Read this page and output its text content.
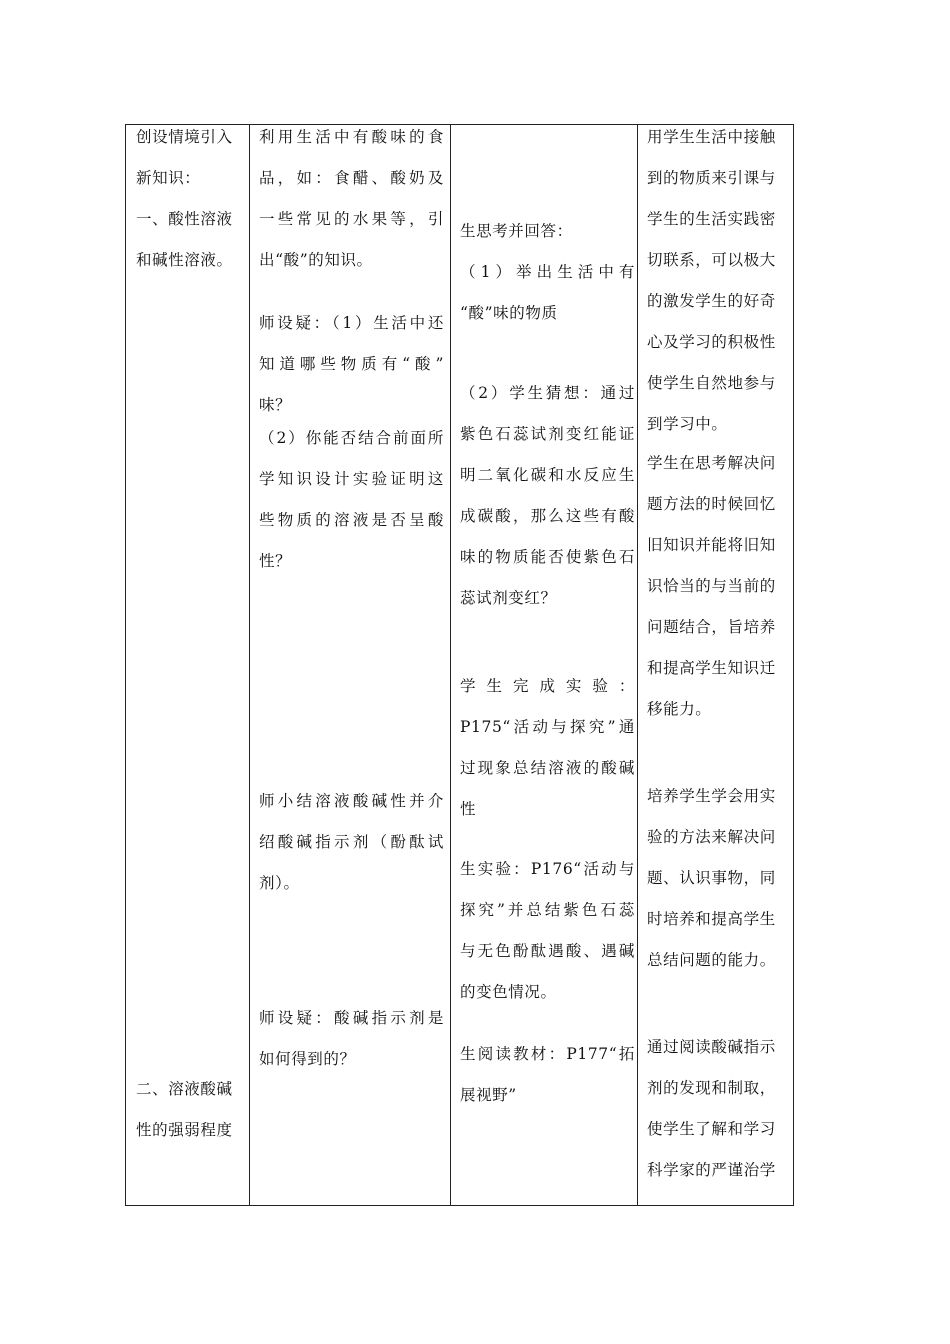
创设情境引入
新知识：
一、酸性溶液
和碱性溶液。
二、溶液酸碱
性的强弱程度
利用生活中有酸味的食
品，如：食醋、酸奶及
一些常见的水果等，引
出“酸”的知识。
师设疑：（1）生活中还
知道哪些物质有“酸”
味？
（2）你能否结合前面所
学知识设计实验证明这
些物质的溶液是否呈酸
性？
师小结溶液酸碱性并介
绍酸碱指示剂（酚酞试
剂）。
师设疑：酸碱指示剂是
如何得到的？
生思考并回答：
（1）举出生活中有
“酸”味的物质
（2）学生猜想：通过
紫色石蕊试剂变红能证
明二氧化碳和水反应生
成碳酸，那么这些有酸
味的物质能否使紫色石
蕊试剂变红？
学生完成实验：
P175“活动与探究”通
过现象总结溶液的酸碱
性
生实验：P176“活动与
探究”并总结紫色石蕊
与无色酚酞遇酸、遇碱
的变色情况。
生阅读教材：P177“拓
展视野”
用学生生活中接触
到的物质来引课与
学生的生活实践密
切联系，可以极大
的激发学生的好奇
心及学习的积极性
使学生自然地参与
到学习中。
学生在思考解决问
题方法的时候回忆
旧知识并能将旧知
识恰当的与当前的
问题结合，旨培养
和提高学生知识迁
移能力。
培养学生学会用实
验的方法来解决问
题、认识事物，同
时培养和提高学生
总结问题的能力。
通过阅读酸碱指示
剂的发现和制取，
使学生了解和学习
科学家的严谨治学
